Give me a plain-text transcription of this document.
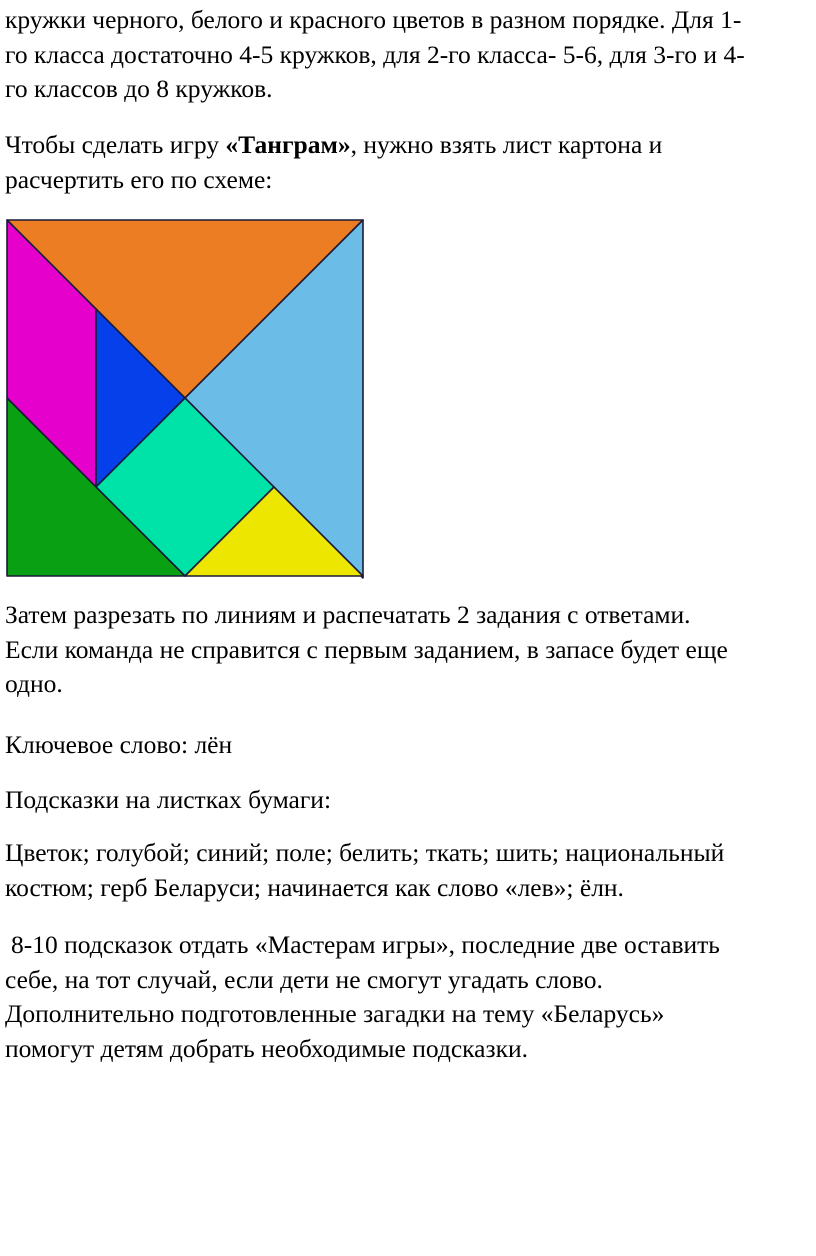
кружки черного, белого и красного цветов в разном порядке. Для 1-
го класса достаточно 4-5 кружков, для 2-го класса- 5-6, для 3-го и 4-
го классов до 8 кружков.

Чтобы сделать игру «Танграм», нужно взять лист картона и
расчертить его по схеме:

Затем разрезать по линиям и распечатать 2 задания с ответами.
Если команда не справится с первым заданием, в запасе будет еще
одно.

Ключевое слово: лён

Подсказки на листках бумаги:

Цветок; голубой; синий; поле; белить; ткать; шить; национальный
костюм; герб Беларуси; начинается как слово «лев»; ёлн.

8-10 подсказок отдать «Мастерам игры», последние две оставить
себе, на тот случай, если дети не смогут угадать слово.
Дополнительно подготовленные загадки на тему «Беларусь»
помогут детям добрать необходимые подсказки.
